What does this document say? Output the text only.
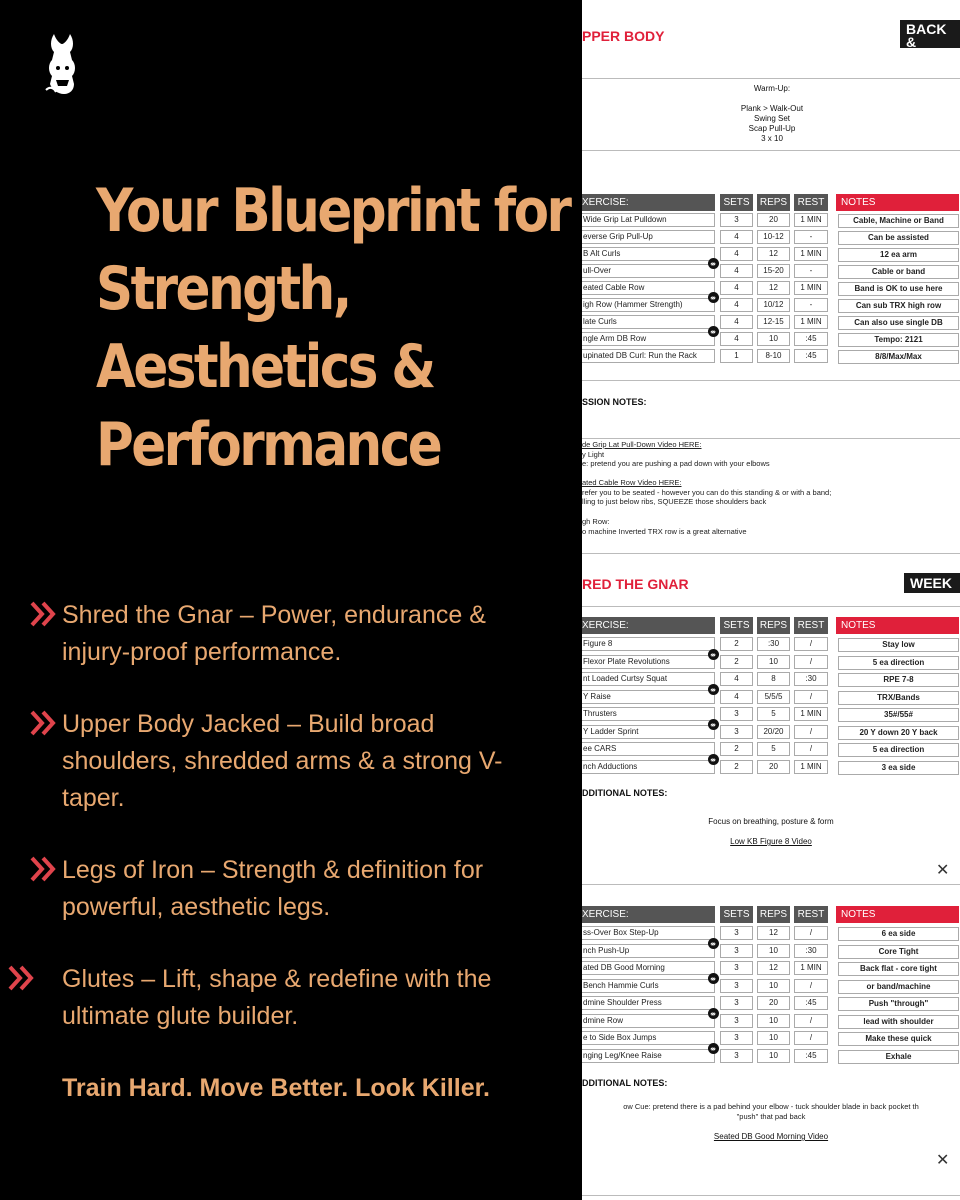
Your Blueprint for
Strength,
Aesthetics &
Performance
Shred the Gnar – Power, endurance & injury-proof performance.
Upper Body Jacked – Build broad shoulders, shredded arms & a strong V-taper.
Legs of Iron – Strength & definition for powerful, aesthetic legs.
Glutes – Lift, shape & redefine with the ultimate glute builder.
Train Hard. Move Better. Look Killer.
PPER BODY	BACK &
BI'S
Warm-Up:
Plank > Walk-Out
Swing Set
Scap Pull-Up
3 x 10
XERCISE:	SETS	REPS	REST	NOTES
Wide Grip Lat Pulldown	3	20	1 MIN	Cable, Machine or Band
everse Grip Pull-Up	4	10-12	-	Can be assisted
B Alt Curls	4	12	1 MIN	12 ea arm
ull-Over	4	15-20	-	Cable or band
eated Cable Row	4	12	1 MIN	Band is OK to use here
igh Row (Hammer Strength)	4	10/12	-	Can sub TRX high row
late Curls	4	12-15	1 MIN	Can also use single DB
ngle Arm DB Row	4	10	:45	Tempo: 2121
upinated DB Curl: Run the Rack	1	8-10	:45	8/8/Max/Max
SSION NOTES:
de Grip Lat Pull-Down Video HERE:
y Light
e: pretend you are pushing a pad down with your elbows
ated Cable Row Video HERE:
refer you to be seated - however you can do this standing & or with a band;
lling to just below ribs, SQUEEZE those shoulders back
gh Row:
o machine Inverted TRX row is a great alternative
RED THE GNAR	WEEK
XERCISE:	SETS	REPS	REST	NOTES
Figure 8	2	:30	/	Stay low
Flexor Plate Revolutions	2	10	/	5 ea direction
nt Loaded Curtsy Squat	4	8	:30	RPE 7-8
Y Raise	4	5/5/5	/	TRX/Bands
Thrusters	3	5	1 MIN	35#/55#
Y Ladder Sprint	3	20/20	/	20 Y down 20 Y back
ee CARS	2	5	/	5 ea direction
nch Adductions	2	20	1 MIN	3 ea side
DDITIONAL NOTES:
Focus on breathing, posture & form
Low KB Figure 8 Video
✕
XERCISE:	SETS	REPS	REST	NOTES
ss-Over Box Step-Up	3	12	/	6 ea side
nch Push-Up	3	10	:30	Core Tight
ated DB Good Morning	3	12	1 MIN	Back flat - core tight
Bench Hammie Curls	3	10	/	or band/machine
dmine Shoulder Press	3	20	:45	Push "through"
dmine Row	3	10	/	lead with shoulder
e to Side Box Jumps	3	10	/	Make these quick
nging Leg/Knee Raise	3	10	:45	Exhale
DDITIONAL NOTES:
ow Cue: pretend there is a pad behind your elbow - tuck shoulder blade in back pocket th
"push" that pad back
Seated DB Good Morning Video
✕
